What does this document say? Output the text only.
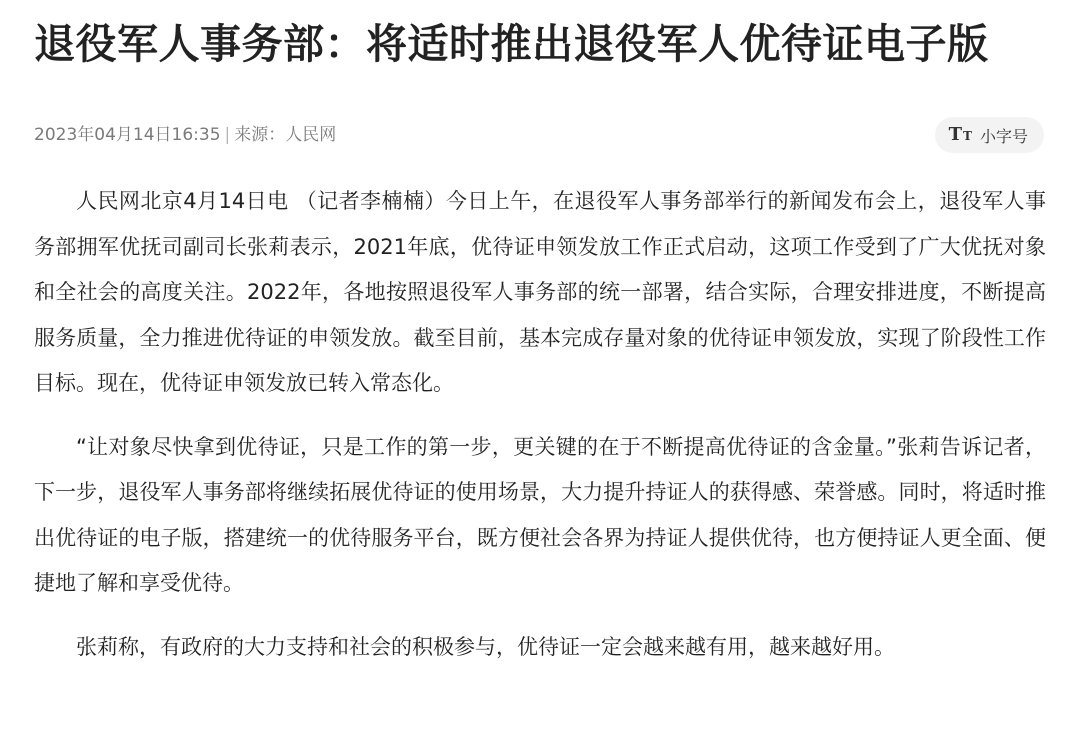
退役军人事务部：将适时推出退役军人优待证电子版
2023年04月14日16:35 | 来源：人民网	T T 小字号

人民网北京4月14日电 （记者李楠楠）今日上午，在退役军人事务部举行的新闻发布会上，退役军人事务部拥军优抚司副司长张莉表示，2021年底，优待证申领发放工作正式启动，这项工作受到了广大优抚对象和全社会的高度关注。2022年，各地按照退役军人事务部的统一部署，结合实际，合理安排进度，不断提高服务质量，全力推进优待证的申领发放。截至目前，基本完成存量对象的优待证申领发放，实现了阶段性工作目标。现在，优待证申领发放已转入常态化。

“让对象尽快拿到优待证，只是工作的第一步，更关键的在于不断提高优待证的含金量。”张莉告诉记者，下一步，退役军人事务部将继续拓展优待证的使用场景，大力提升持证人的获得感、荣誉感。同时，将适时推出优待证的电子版，搭建统一的优待服务平台，既方便社会各界为持证人提供优待，也方便持证人更全面、便捷地了解和享受优待。

张莉称，有政府的大力支持和社会的积极参与，优待证一定会越来越有用，越来越好用。
